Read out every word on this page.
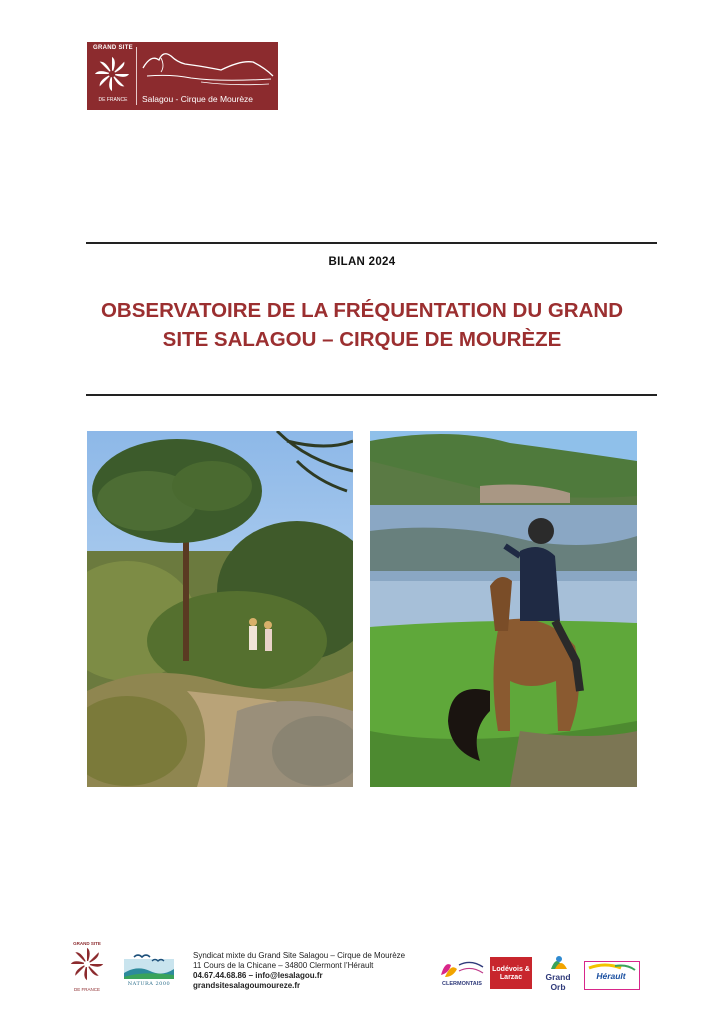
GRAND SITE
DE FRANCE	Salagou - Cirque de Mourèze
BILAN 2024
OBSERVATOIRE DE LA FRÉQUENTATION DU GRAND
SITE SALAGOU – CIRQUE DE MOURÈZE
GRAND SITE
DE FRANCE
NATURA 2000
Syndicat mixte du Grand Site Salagou – Cirque de Mourèze
11 Cours de la Chicane – 34800 Clermont l’Hérault
04.67.44.68.86 – info@lesalagou.fr
grandsitesalagoumoureze.fr	CLERMONTAIS
Lodévois & Larzac	Grand Orb
Hérault
